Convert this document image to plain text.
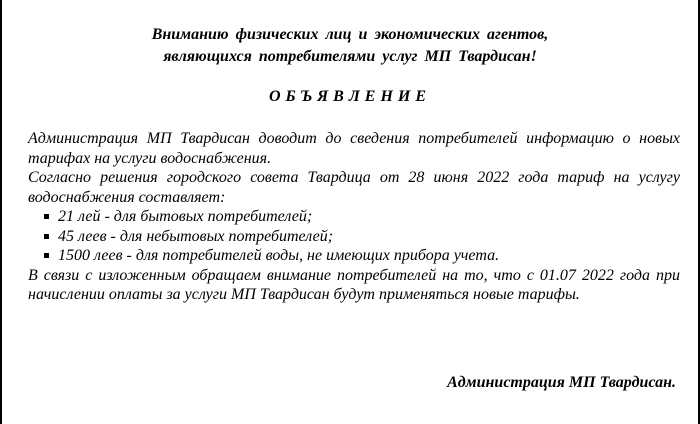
Вниманию физических лиц и экономических агентов,
являющихся потребителями услуг МП Твардисан!
ОБЪЯВЛЕНИЕ

Администрация МП Твардисан доводит до сведения потребителей информацию о новых тарифах на услуги водоснабжения.

Согласно решения городского совета Твардица от 28 июня 2022 года тариф на услугу водоснабжения составляет:

21 лей - для бытовых потребителей;
45 леев - для небытовых потребителей;
1500 леев - для потребителей воды, не имеющих прибора учета.

В связи с изложенным обращаем внимание потребителей на то, что с 01.07 2022 года при начислении оплаты за услуги МП Твардисан будут применяться новые тарифы.

Администрация МП Твардисан.
